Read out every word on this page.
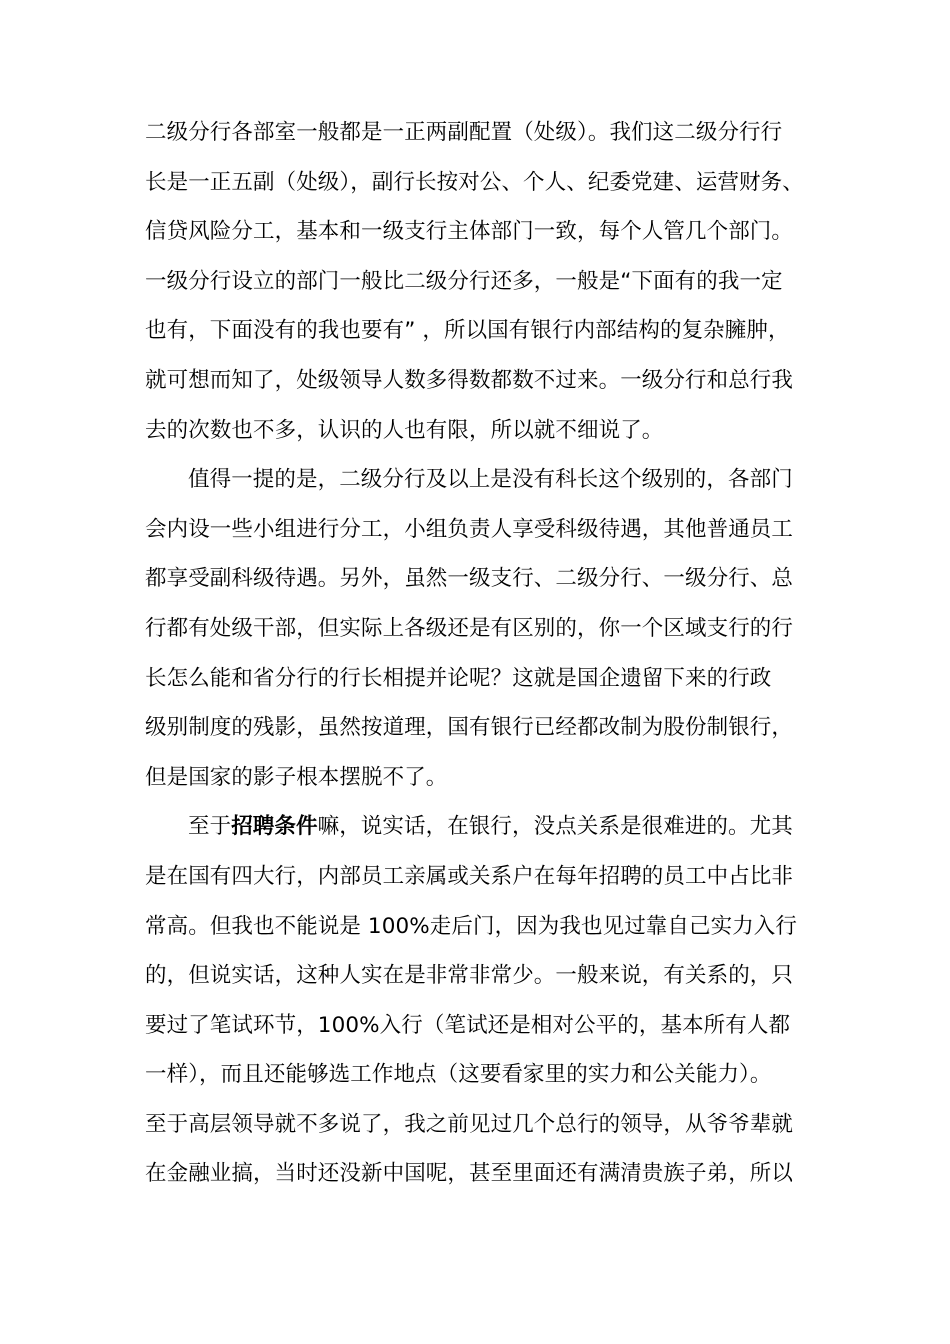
二级分行各部室一般都是一正两副配置（处级）。我们这二级分行行
长是一正五副（处级），副行长按对公、个人、纪委党建、运营财务、
信贷风险分工，基本和一级支行主体部门一致，每个人管几个部门。
一级分行设立的部门一般比二级分行还多，一般是“下面有的我一定
也有，下面没有的我也要有” ，所以国有银行内部结构的复杂臃肿，
就可想而知了，处级领导人数多得数都数不过来。一级分行和总行我
去的次数也不多，认识的人也有限，所以就不细说了。
值得一提的是，二级分行及以上是没有科长这个级别的，各部门
会内设一些小组进行分工，小组负责人享受科级待遇，其他普通员工
都享受副科级待遇。另外，虽然一级支行、二级分行、一级分行、总
行都有处级干部，但实际上各级还是有区别的，你一个区域支行的行
长怎么能和省分行的行长相提并论呢？这就是国企遗留下来的行政
级别制度的残影，虽然按道理，国有银行已经都改制为股份制银行，
但是国家的影子根本摆脱不了。
至于招聘条件嘛，说实话，在银行，没点关系是很难进的。尤其
是在国有四大行，内部员工亲属或关系户在每年招聘的员工中占比非
常高。但我也不能说是 100%走后门，因为我也见过靠自己实力入行
的，但说实话，这种人实在是非常非常少。一般来说，有关系的，只
要过了笔试环节，100%入行（笔试还是相对公平的，基本所有人都
一样），而且还能够选工作地点（这要看家里的实力和公关能力）。
至于高层领导就不多说了，我之前见过几个总行的领导，从爷爷辈就
在金融业搞，当时还没新中国呢，甚至里面还有满清贵族子弟，所以
